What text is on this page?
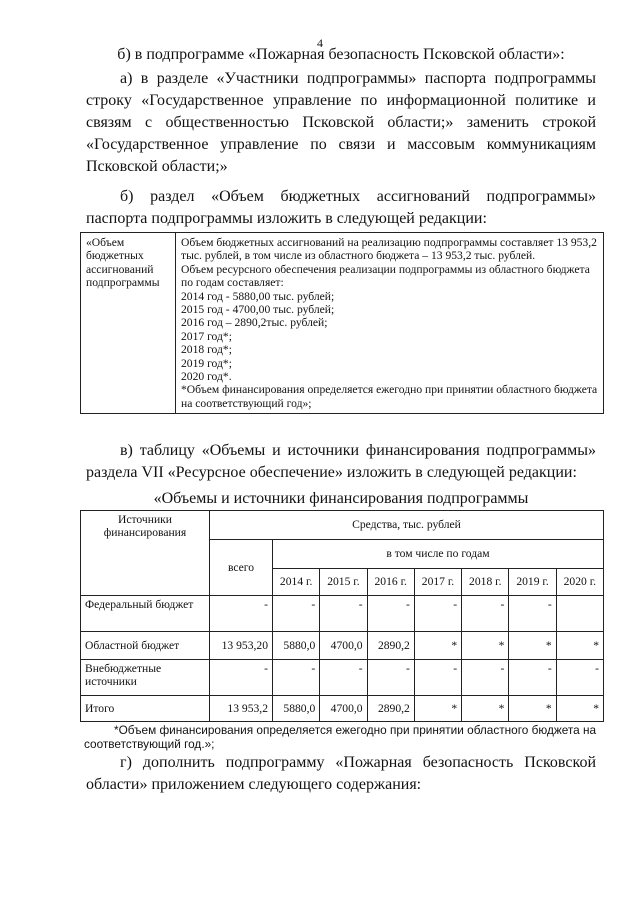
4
б) в подпрограмме «Пожарная безопасность Псковской области»:
а) в разделе «Участники подпрограммы» паспорта подпрограммы строку «Государственное управление по информационной политике и связям с общественностью Псковской области;» заменить строкой «Государственное управление по связи и массовым коммуникациям Псковской области;»
б) раздел «Объем бюджетных ассигнований подпрограммы» паспорта подпрограммы изложить в следующей редакции:
«Объем бюджетных ассигнований подпрограммы	

Объем бюджетных ассигнований на реализацию подпрограммы составляет 13 953,2 тыс. рублей, в том числе из областного бюджета – 13 953,2 тыс. рублей.

Объем ресурсного обеспечения реализации подпрограммы из областного бюджета по годам составляет:

2014 год - 5880,00 тыс. рублей;

2015 год - 4700,00 тыс. рублей;

2016 год – 2890,2тыс. рублей;

2017 год*;

2018 год*;

2019 год*;

2020 год*.

*Объем финансирования определяется ежегодно при принятии областного бюджета на соответствующий год»;

в) таблицу «Объемы и источники финансирования подпрограммы» раздела VII «Ресурсное обеспечение» изложить в следующей редакции:
«Объемы и источники финансирования подпрограммы
Источники финансирования	Средства, тыс. рублей							
	всего	в том числе по годам						
		2014 г.	2015 г.	2016 г.	2017 г.	2018 г.	2019 г.	2020 г.
Федеральный бюджет	-	-	-	-	-	-	-	
Областной бюджет	13 953,20	5880,0	4700,0	2890,2	*	*	*	*
Внебюджетные источники	-	-	-	-	-	-	-	-
Итого	13 953,2	5880,0	4700,0	2890,2	*	*	*	*
*Объем финансирования определяется ежегодно при принятии областного бюджета на
соответствующий год.»;
г) дополнить подпрограмму «Пожарная безопасность Псковской области» приложением следующего содержания:
